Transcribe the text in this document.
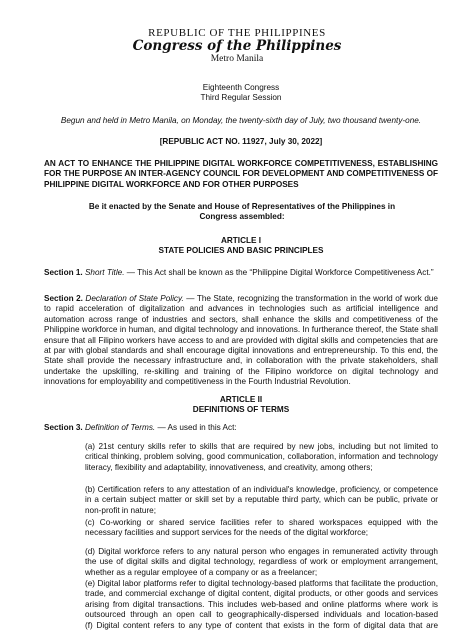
REPUBLIC OF THE PHILIPPINES
Congress of the Philippines
Metro Manila
Eighteenth Congress
Third Regular Session
Begun and held in Metro Manila, on Monday, the twenty-sixth day of July, two thousand twenty-one.
[REPUBLIC ACT NO. 11927, July 30, 2022]
AN ACT TO ENHANCE THE PHILIPPINE DIGITAL WORKFORCE COMPETITIVENESS, ESTABLISHING FOR THE PURPOSE AN INTER-AGENCY COUNCIL FOR DEVELOPMENT AND COMPETITIVENESS OF PHILIPPINE DIGITAL WORKFORCE AND FOR OTHER PURPOSES
Be it enacted by the Senate and House of Representatives of the Philippines in Congress assembled:
ARTICLE I
STATE POLICIES AND BASIC PRINCIPLES
Section 1. Short Title. — This Act shall be known as the “Philippine Digital Workforce Competitiveness Act.”
Section 2. Declaration of State Policy. — The State, recognizing the transformation in the world of work due to rapid acceleration of digitalization and advances in technologies such as artificial intelligence and automation across range of industries and sectors, shall enhance the skills and competitiveness of the Philippine workforce in human, and digital technology and innovations. In furtherance thereof, the State shall ensure that all Filipino workers have access to and are provided with digital skills and competencies that are at par with global standards and shall encourage digital innovations and entrepreneurship. To this end, the State shall provide the necessary infrastructure and, in collaboration with the private stakeholders, shall undertake the upskilling, re-skilling and training of the Filipino workforce on digital technology and innovations for employability and competitiveness in the Fourth Industrial Revolution.
ARTICLE II
DEFINITIONS OF TERMS
Section 3. Definition of Terms. — As used in this Act:
(a) 21st century skills refer to skills that are required by new jobs, including but not limited to critical thinking, problem solving, good communication, collaboration, information and technology literacy, flexibility and adaptability, innovativeness, and creativity, among others;
(b) Certification refers to any attestation of an individual's knowledge, proficiency, or competence in a certain subject matter or skill set by a reputable third party, which can be public, private or non-profit in nature;
(c) Co-working or shared service facilities refer to shared workspaces equipped with the necessary facilities and support services for the needs of the digital workforce;
(d) Digital workforce refers to any natural person who engages in remunerated activity through the use of digital skills and digital technology, regardless of work or employment arrangement, whether as a regular employee of a company or as a freelancer;
(e) Digital labor platforms refer to digital technology-based platforms that facilitate the production, trade, and commercial exchange of digital content, digital products, or other goods and services arising from digital transactions. This includes web-based and online platforms where work is outsourced through an open call to geographically-dispersed individuals and location-based
(f) Digital content refers to any type of content that exists in the form of digital data that are
